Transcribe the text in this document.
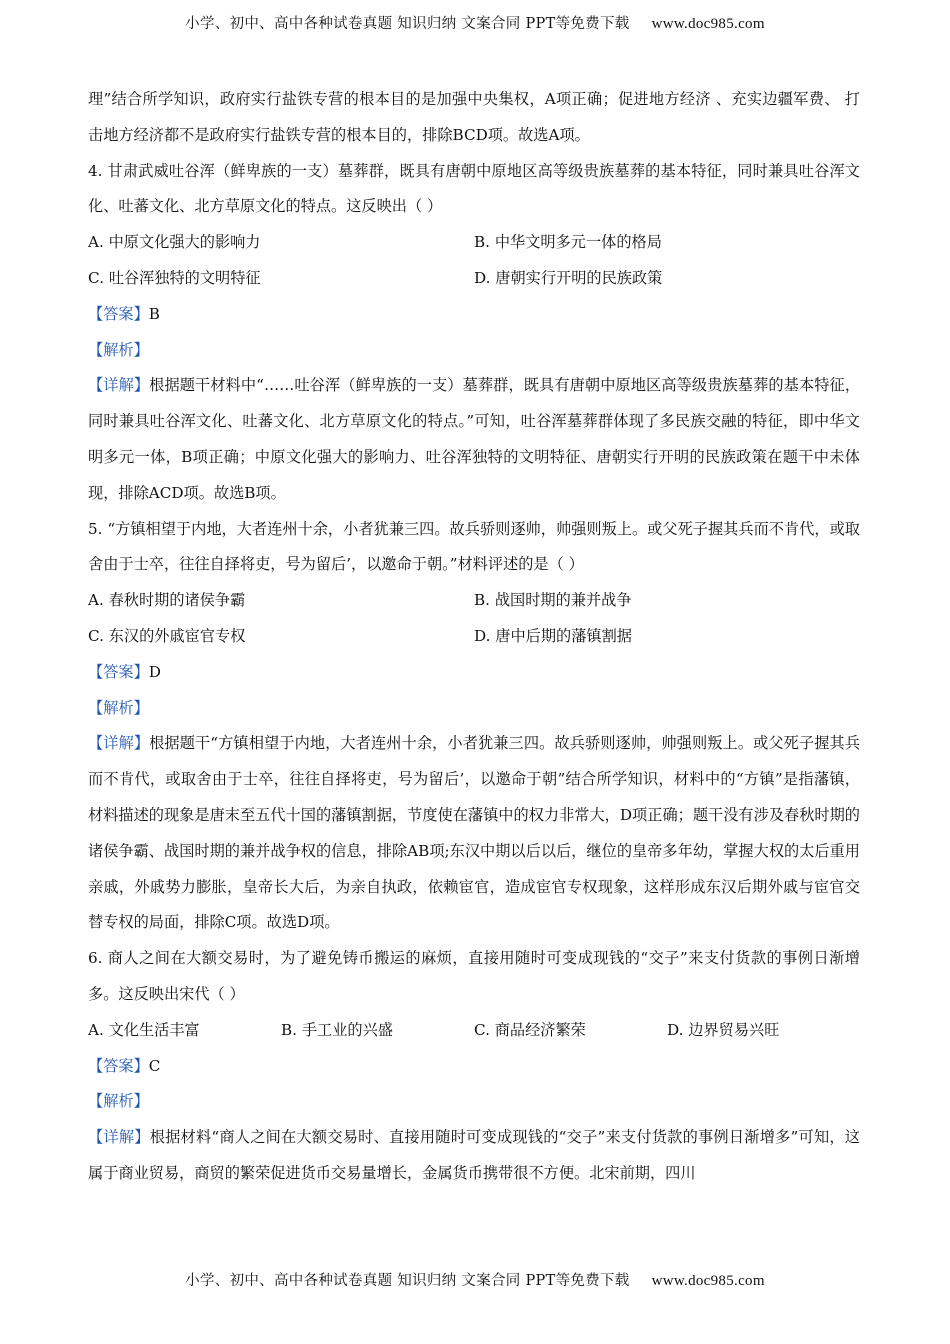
小学、初中、高中各种试卷真题 知识归纳 文案合同 PPT等免费下载 www.doc985.com
理”结合所学知识，政府实行盐铁专营的根本目的是加强中央集权，A项正确；促进地方经济 、充实边疆军费、 打击地方经济都不是政府实行盐铁专营的根本目的，排除BCD项。故选A项。
4. 甘肃武威吐谷浑（鲜卑族的一支）墓葬群，既具有唐朝中原地区高等级贵族墓葬的基本特征，同时兼具吐谷浑文化、吐蕃文化、北方草原文化的特点。这反映出（ ）
A. 中原文化强大的影响力	B. 中华文明多元一体的格局
C. 吐谷浑独特的文明特征	D. 唐朝实行开明的民族政策
【答案】B
【解析】
【详解】根据题干材料中“……吐谷浑（鲜卑族的一支）墓葬群，既具有唐朝中原地区高等级贵族墓葬的基本特征，同时兼具吐谷浑文化、吐蕃文化、北方草原文化的特点。”可知，吐谷浑墓葬群体现了多民族交融的特征，即中华文明多元一体，B项正确；中原文化强大的影响力、吐谷浑独特的文明特征、唐朝实行开明的民族政策在题干中未体现，排除ACD项。故选B项。
5. “方镇相望于内地，大者连州十余，小者犹兼三四。故兵骄则逐帅，帅强则叛上。或父死子握其兵而不肯代，或取舍由于士卒，往往自择将吏，号为留后’，以邀命于朝。”材料评述的是（ ）
A. 春秋时期的诸侯争霸	B. 战国时期的兼并战争
C. 东汉的外戚宦官专权	D. 唐中后期的藩镇割据
【答案】D
【解析】
【详解】根据题干“方镇相望于内地，大者连州十余，小者犹兼三四。故兵骄则逐帅，帅强则叛上。或父死子握其兵而不肯代，或取舍由于士卒，往往自择将吏，号为留后’，以邀命于朝”结合所学知识，材料中的“方镇”是指藩镇，材料描述的现象是唐末至五代十国的藩镇割据，节度使在藩镇中的权力非常大，D项正确；题干没有涉及春秋时期的诸侯争霸、战国时期的兼并战争权的信息，排除AB项;东汉中期以后以后，继位的皇帝多年幼，掌握大权的太后重用亲戚，外戚势力膨胀，皇帝长大后，为亲自执政，依赖宦官，造成宦官专权现象，这样形成东汉后期外戚与宦官交替专权的局面，排除C项。故选D项。
6. 商人之间在大额交易时，为了避免铸币搬运的麻烦，直接用随时可变成现钱的“交子”来支付货款的事例日渐增多。这反映出宋代（ ）
A. 文化生活丰富	B. 手工业的兴盛	C. 商品经济繁荣	D. 边界贸易兴旺
【答案】C
【解析】
【详解】根据材料“商人之间在大额交易时、直接用随时可变成现钱的“交子”来支付货款的事例日渐增多”可知，这属于商业贸易，商贸的繁荣促进货币交易量增长，金属货币携带很不方便。北宋前期，四川
小学、初中、高中各种试卷真题 知识归纳 文案合同 PPT等免费下载 www.doc985.com
